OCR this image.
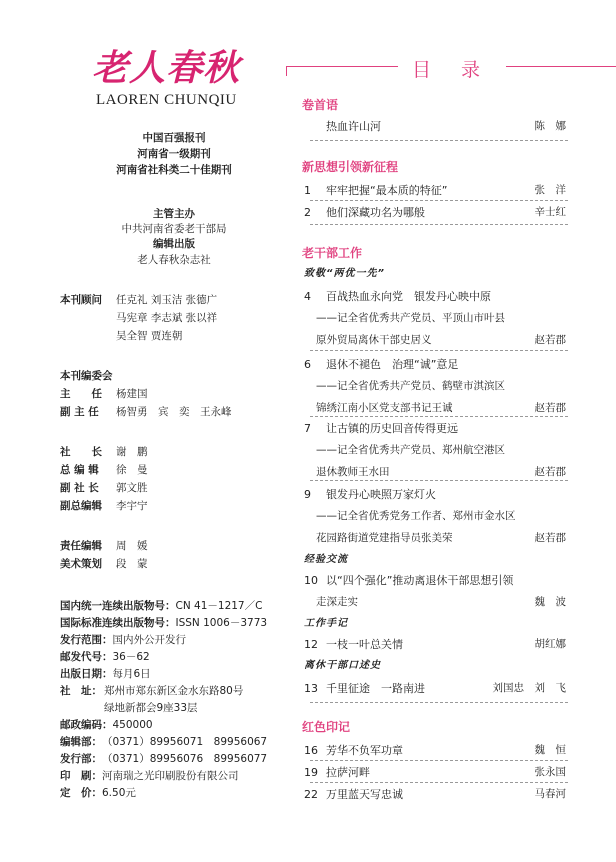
老人春秋
LAOREN CHUNQIU
中国百强报刊
河南省一级期刊
河南省社科类二十佳期刊
主管主办
中共河南省委老干部局
编辑出版
老人春秋杂志社
本刊顾问	任克礼 刘玉洁 张德广
马宪章 李志斌 张以祥
吴全智 贾连朝
本刊编委会
主　　任 杨建国
副 主 任 杨智勇　宾　奕　王永峰
社　　长 谢　鹏
总 编 辑 徐　曼
副 社 长 郭文胜
副总编辑 李宇宁
责任编辑 周　媛
美术策划 段　蒙
国内统一连续出版物号：CN 41－1217／C
国际标准连续出版物号：ISSN 1006－3773
发行范围：国内外公开发行
邮发代号：36－62
出版日期：每月6日
社　址： 郑州市郑东新区金水东路80号
绿地新都会9座33层
邮政编码：450000
编辑部：（0371）89956071　89956067
发行部：（0371）89956076　89956077
印　刷：河南瑞之光印刷股份有限公司
定　价：6.50元
目 录
卷首语
热血许山河	陈　娜
新思想引领新征程
1 牢牢把握“最本质的特征”	张　洋
2 他们深藏功名为哪般	辛士红
老干部工作
致敬“两优一先”
4 百战热血永向党　银发丹心映中原
——记全省优秀共产党员、平顶山市叶县
原外贸局离休干部史居义	赵若郡
6 退休不褪色　治理“诚”意足
——记全省优秀共产党员、鹤壁市淇滨区
锦绣江南小区党支部书记王诚	赵若郡
7 让古镇的历史回音传得更远
——记全省优秀共产党员、郑州航空港区
退休教师王水田	赵若郡
9 银发丹心映照万家灯火
——记全省优秀党务工作者、郑州市金水区
花园路街道党建指导员张美荣	赵若郡
经验交流
10 以“四个强化”推动离退休干部思想引领
走深走实	魏　波
工作手记
12 一枝一叶总关情	胡红娜
离休干部口述史
13 千里征途　一路南进	刘国忠　刘　飞
红色印记
16 芳华不负军功章	魏　恒
19 拉萨河畔	张永国
22 万里蓝天写忠诚	马春河
